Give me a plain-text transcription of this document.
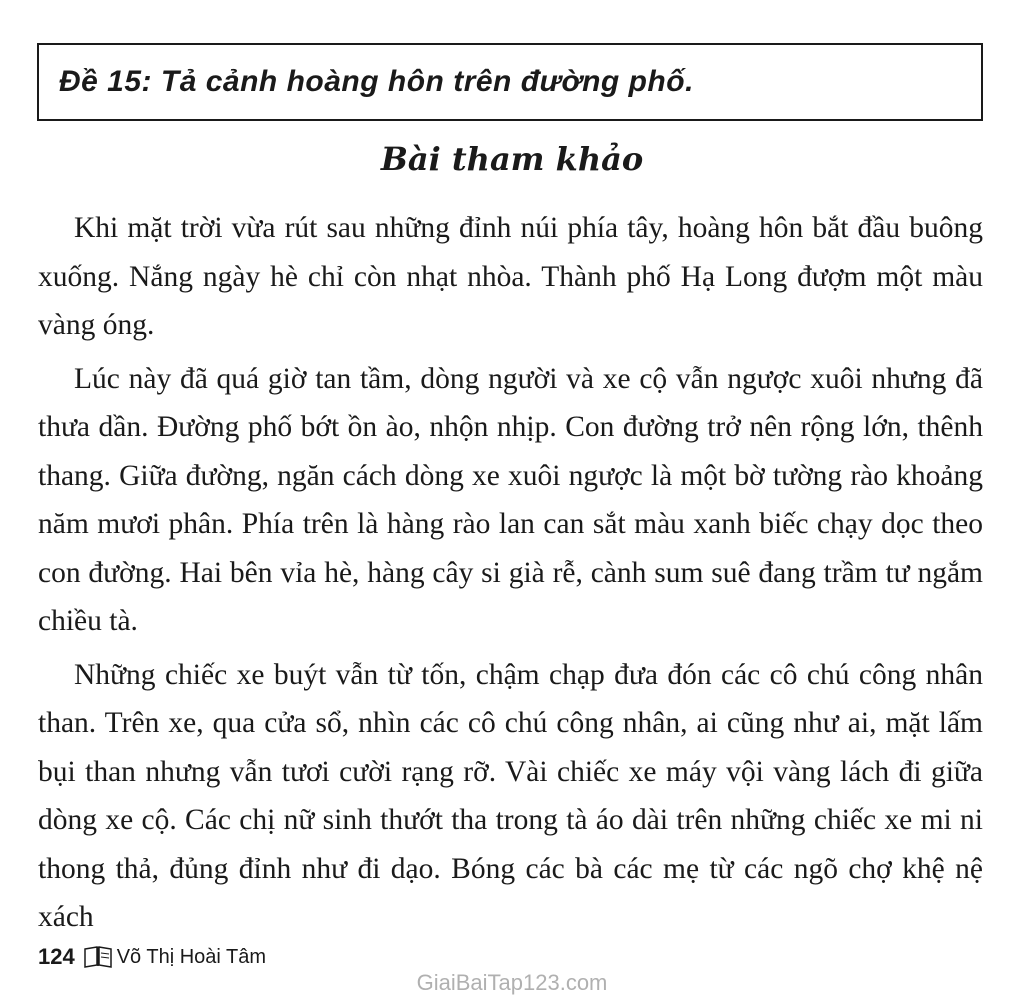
Đề 15: Tả cảnh hoàng hôn trên đường phố.
Bài tham khảo

Khi mặt trời vừa rút sau những đỉnh núi phía tây, hoàng hôn bắt đầu buông xuống. Nắng ngày hè chỉ còn nhạt nhòa. Thành phố Hạ Long đượm một màu vàng óng.

Lúc này đã quá giờ tan tầm, dòng người và xe cộ vẫn ngược xuôi nhưng đã thưa dần. Đường phố bớt ồn ào, nhộn nhịp. Con đường trở nên rộng lớn, thênh thang. Giữa đường, ngăn cách dòng xe xuôi ngược là một bờ tường rào khoảng năm mươi phân. Phía trên là hàng rào lan can sắt màu xanh biếc chạy dọc theo con đường. Hai bên vỉa hè, hàng cây si già rễ, cành sum suê đang trầm tư ngắm chiều tà.

Những chiếc xe buýt vẫn từ tốn, chậm chạp đưa đón các cô chú công nhân than. Trên xe, qua cửa sổ, nhìn các cô chú công nhân, ai cũng như ai, mặt lấm bụi than nhưng vẫn tươi cười rạng rỡ. Vài chiếc xe máy vội vàng lách đi giữa dòng xe cộ. Các chị nữ sinh thướt tha trong tà áo dài trên những chiếc xe mi ni thong thả, đủng đỉnh như đi dạo. Bóng các bà các mẹ từ các ngõ chợ khệ nệ xách

124 Võ Thị Hoài Tâm
GiaiBaiTap123.com
